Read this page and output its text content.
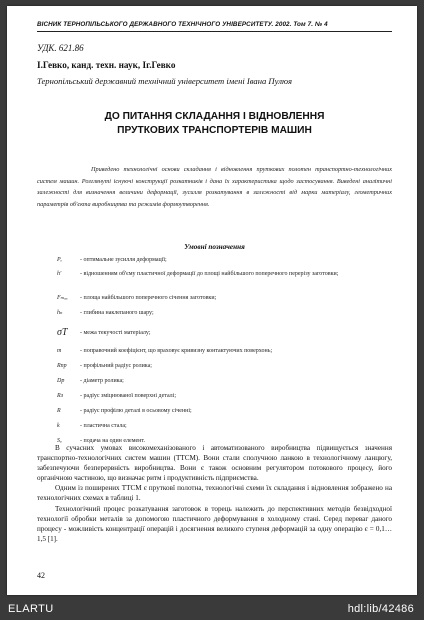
ВІСНИК ТЕРНОПІЛЬСЬКОГО ДЕРЖАВНОГО ТЕХНІЧНОГО УНІВЕРСИТЕТУ. 2002. Том 7. № 4
УДК. 621.86
І.Гевко, канд. техн. наук, Іг.Гевко
Тернопільський державний технічний університет імені Івана Пулюя
ДО ПИТАННЯ СКЛАДАННЯ І ВІДНОВЛЕННЯ
ПРУТКОВИХ ТРАНСПОРТЕРІВ МАШИН
Приведено технологічні основи складання і відновлення пруткових полотен транспортно-технологічних систем машин. Розглянуті існуючі конструкції розкатників і дана їх характеристика щодо застосування. Виведені аналітичні залежності для визначення величини деформації, зусилля розкатування в залежності від марки матеріалу, геометричних параметрів об'єкта виробництва та режимів формоутворення.
Умовні позначення
Pₑ	- оптимальне зусилля деформації;
h'	- відношенням об'єму пластичної деформації до площі найбільшого поперечного перерізу заготовки;
Fₘₐₓ	- площа найбільшого поперечного січення заготовки;
hₙ	- глибина наклепаного шару;
σT	- межа текучості матеріалу;
m	- поправочний коефіцієнт, що враховує кривизну контактуючих поверхонь;
Rпр	- профільний радіус ролика;
Dр	- діаметр ролика;
Rз	- радіус зміцнюваної поверхні деталі;
R	- радіус профілю деталі в осьовому січенні;
k	- пластична стала;
Sₒ	- подача на один елемент.

В сучасних умовах високомеханізованого і автоматизованого виробництва підвищується значення транспортно-технологічних систем машин (ТТСМ). Вони стали сполучною ланкою в технологічному ланцюгу, забезпечуючи безперервність виробництва. Вони є також основним регулятором потокового процесу, його органічною частиною, що визначає ритм і продуктивність підприємства.

Одним із поширених ТТСМ є прутковї полотна, технологічні схеми їх складання і відновлення зображено на технологічних схемах в таблиці 1.

Технологічний процес розкатування заготовок в торець належить до перспективних методів безвідходної технології обробки металів за допомогою пластичного деформування в холодному стані. Серед переваг даного процесу - можливість концентрації операцій і досягнення великого ступеня деформацій за одну операцію є = 0,1…1,5 [1].

42
ELARTU	hdl:lib/42486
